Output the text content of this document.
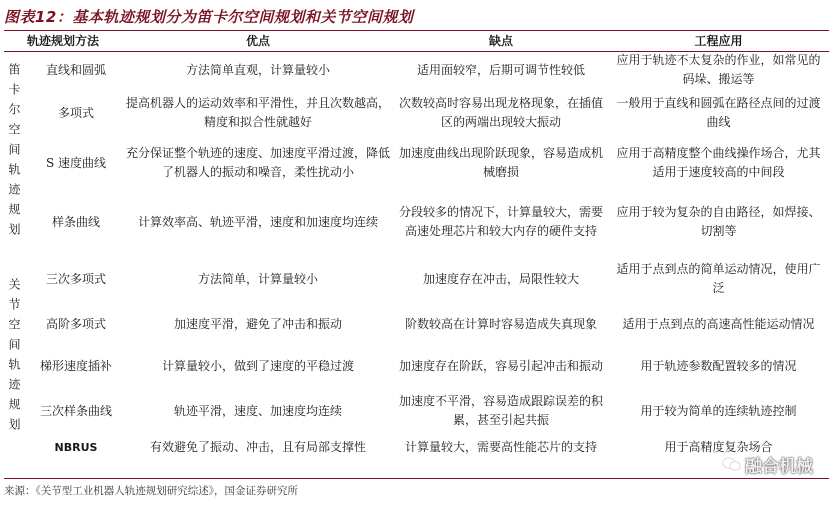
图表12：基本轨迹规划分为笛卡尔空间规划和关节空间规划
轨迹规划方法		优点	缺点	工程应用

笛卡尔空间轨迹规划	直线和圆弧	方法简单直观，计算量较小	适用面较窄，后期可调节性较低	应用于轨迹不太复杂的作业，如常见的码垛、搬运等
	多项式	提高机器人的运动效率和平滑性，并且次数越高，精度和拟合性就越好	次数较高时容易出现龙格现象，在插值区的两端出现较大振动	一般用于直线和圆弧在路径点间的过渡曲线
	S 速度曲线	充分保证整个轨迹的速度、加速度平滑过渡，降低了机器人的振动和噪音，柔性扰动小	加速度曲线出现阶跃现象，容易造成机械磨损	应用于高精度整个曲线操作场合，尤其适用于速度较高的中间段
	样条曲线	计算效率高、轨迹平滑，速度和加速度均连续	分段较多的情况下，计算量较大，需要高速处理芯片和较大内存的硬件支持	应用于较为复杂的自由路径，如焊接、切割等

关节空间轨迹规划	三次多项式	方法简单，计算量较小	加速度存在冲击，局限性较大	适用于点到点的简单运动情况，使用广泛
	高阶多项式	加速度平滑，避免了冲击和振动	阶数较高在计算时容易造成失真现象	适用于点到点的高速高性能运动情况
	梯形速度插补	计算量较小，做到了速度的平稳过渡	加速度存在阶跃，容易引起冲击和振动	用于轨迹参数配置较多的情况
	三次样条曲线	轨迹平滑，速度、加速度均连续	加速度不平滑，容易造成跟踪误差的积累，甚至引起共振	用于较为简单的连续轨迹控制
	NBRUS	有效避免了振动、冲击，且有局部支撑性	计算量较大，需要高性能芯片的支持	用于高精度复杂场合
融合机械
来源：《关节型工业机器人轨迹规划研究综述》，国金证券研究所
